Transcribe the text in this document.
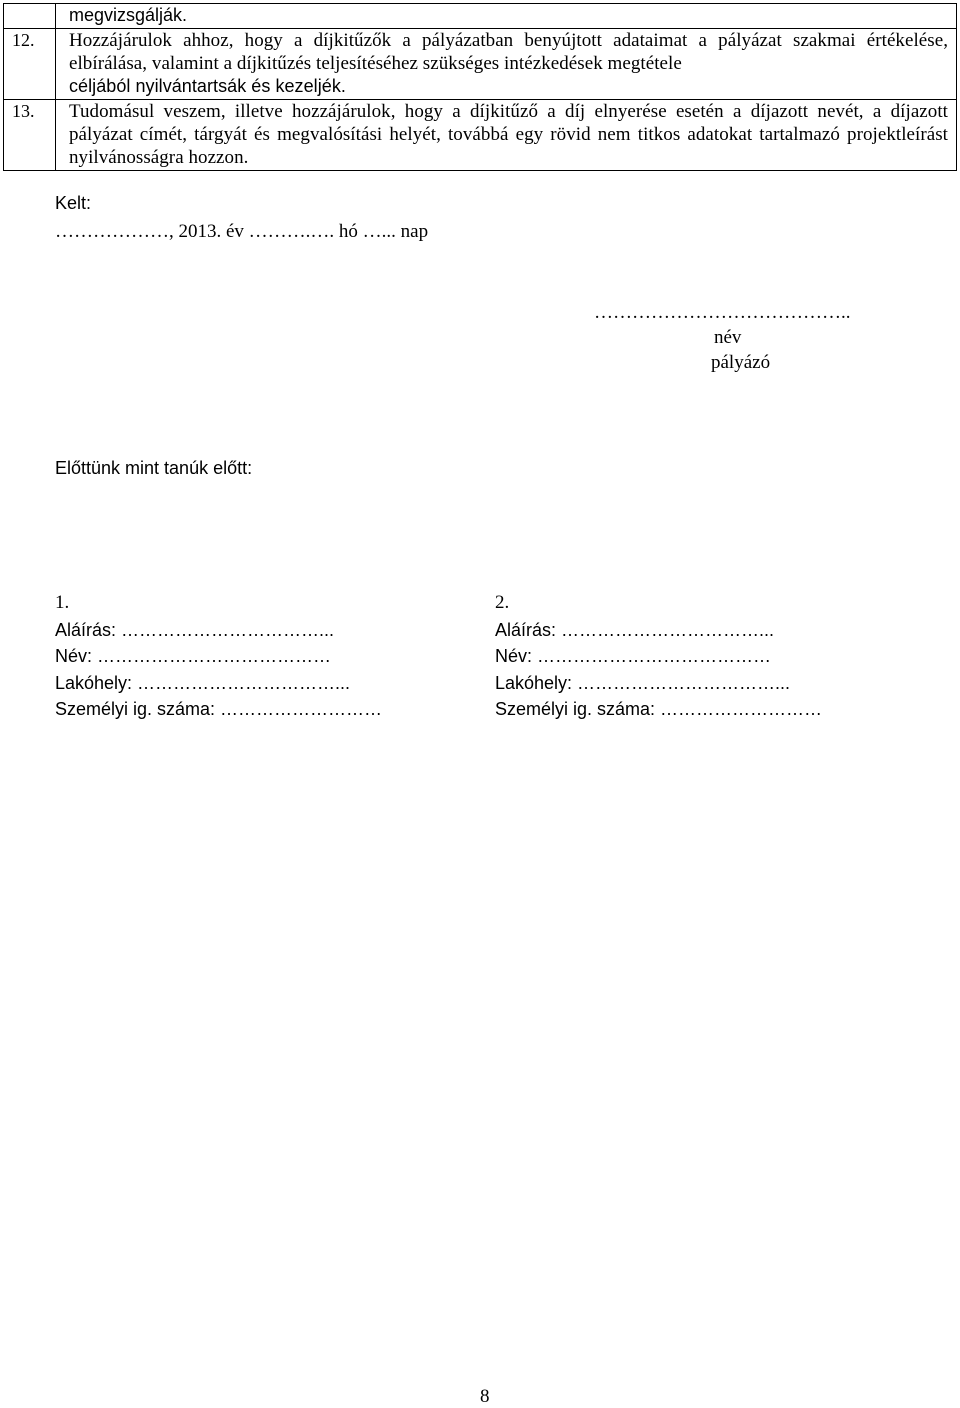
	megvizsgálják.
12.	Hozzájárulok ahhoz, hogy a díjkitűzők a pályázatban benyújtott adataimat a pályázat szakmai értékelése, elbírálása, valamint a díjkitűzés teljesítéséhez szükséges intézkedések megtétele
céljából nyilvántartsák és kezeljék.
13.	Tudomásul veszem, illetve hozzájárulok, hogy a díjkitűző a díj elnyerése esetén a díjazott nevét, a díjazott pályázat címét, tárgyát és megvalósítási helyét, továbbá egy rövid nem titkos adatokat tartalmazó projektleírást nyilvánosságra hozzon.
Kelt:
………………, 2013. év ……….…. hó …... nap
…………………………………..
név
pályázó
Előttünk mint tanúk előtt:
1.
Aláírás: ……………………………...
Név: …………………………………
Lakóhely: ……………………………...
Személyi ig. száma: ………………………
2.
Aláírás: ……………………………...
Név: …………………………………
Lakóhely: ……………………………...
Személyi ig. száma: ………………………
8
